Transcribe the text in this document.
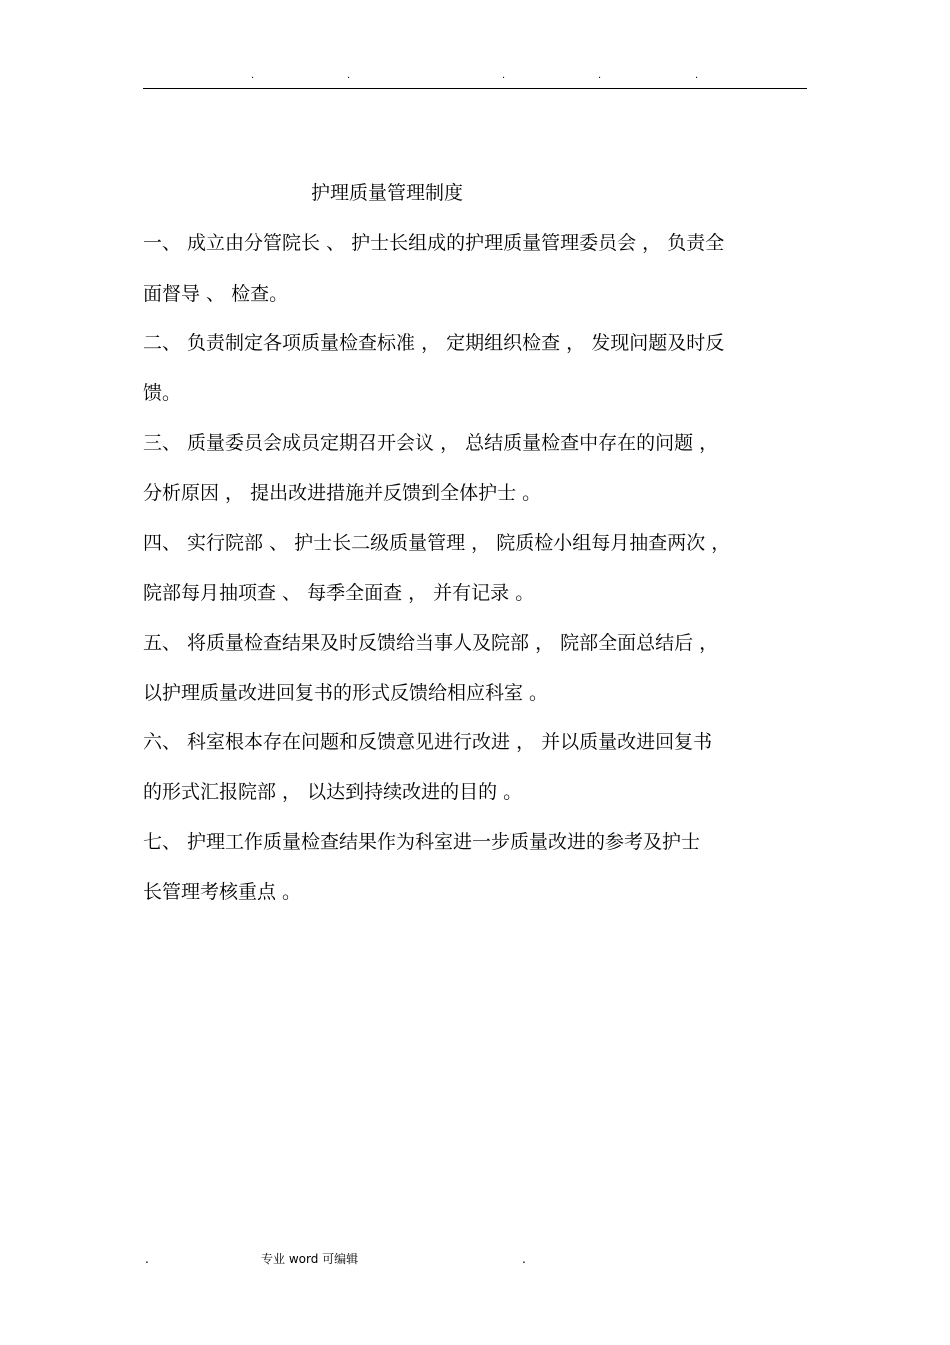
.	.	.	.	.
护理质量管理制度
一、 成立由分管院长 、 护士长组成的护理质量管理委员会 ， 负责全
面督导 、 检查。
二、 负责制定各项质量检查标准 ， 定期组织检查 ， 发现问题及时反
馈。
三、 质量委员会成员定期召开会议 ， 总结质量检查中存在的问题 ，
分析原因 ， 提出改进措施并反馈到全体护士 。
四、 实行院部 、 护士长二级质量管理 ， 院质检小组每月抽查两次 ，
院部每月抽项查 、 每季全面查 ， 并有记录 。
五、 将质量检查结果及时反馈给当事人及院部 ， 院部全面总结后 ，
以护理质量改进回复书的形式反馈给相应科室 。
六、 科室根本存在问题和反馈意见进行改进 ， 并以质量改进回复书
的形式汇报院部 ， 以达到持续改进的目的 。
七、 护理工作质量检查结果作为科室进一步质量改进的参考及护士
长管理考核重点 。
.	专业 word 可编辑	.
